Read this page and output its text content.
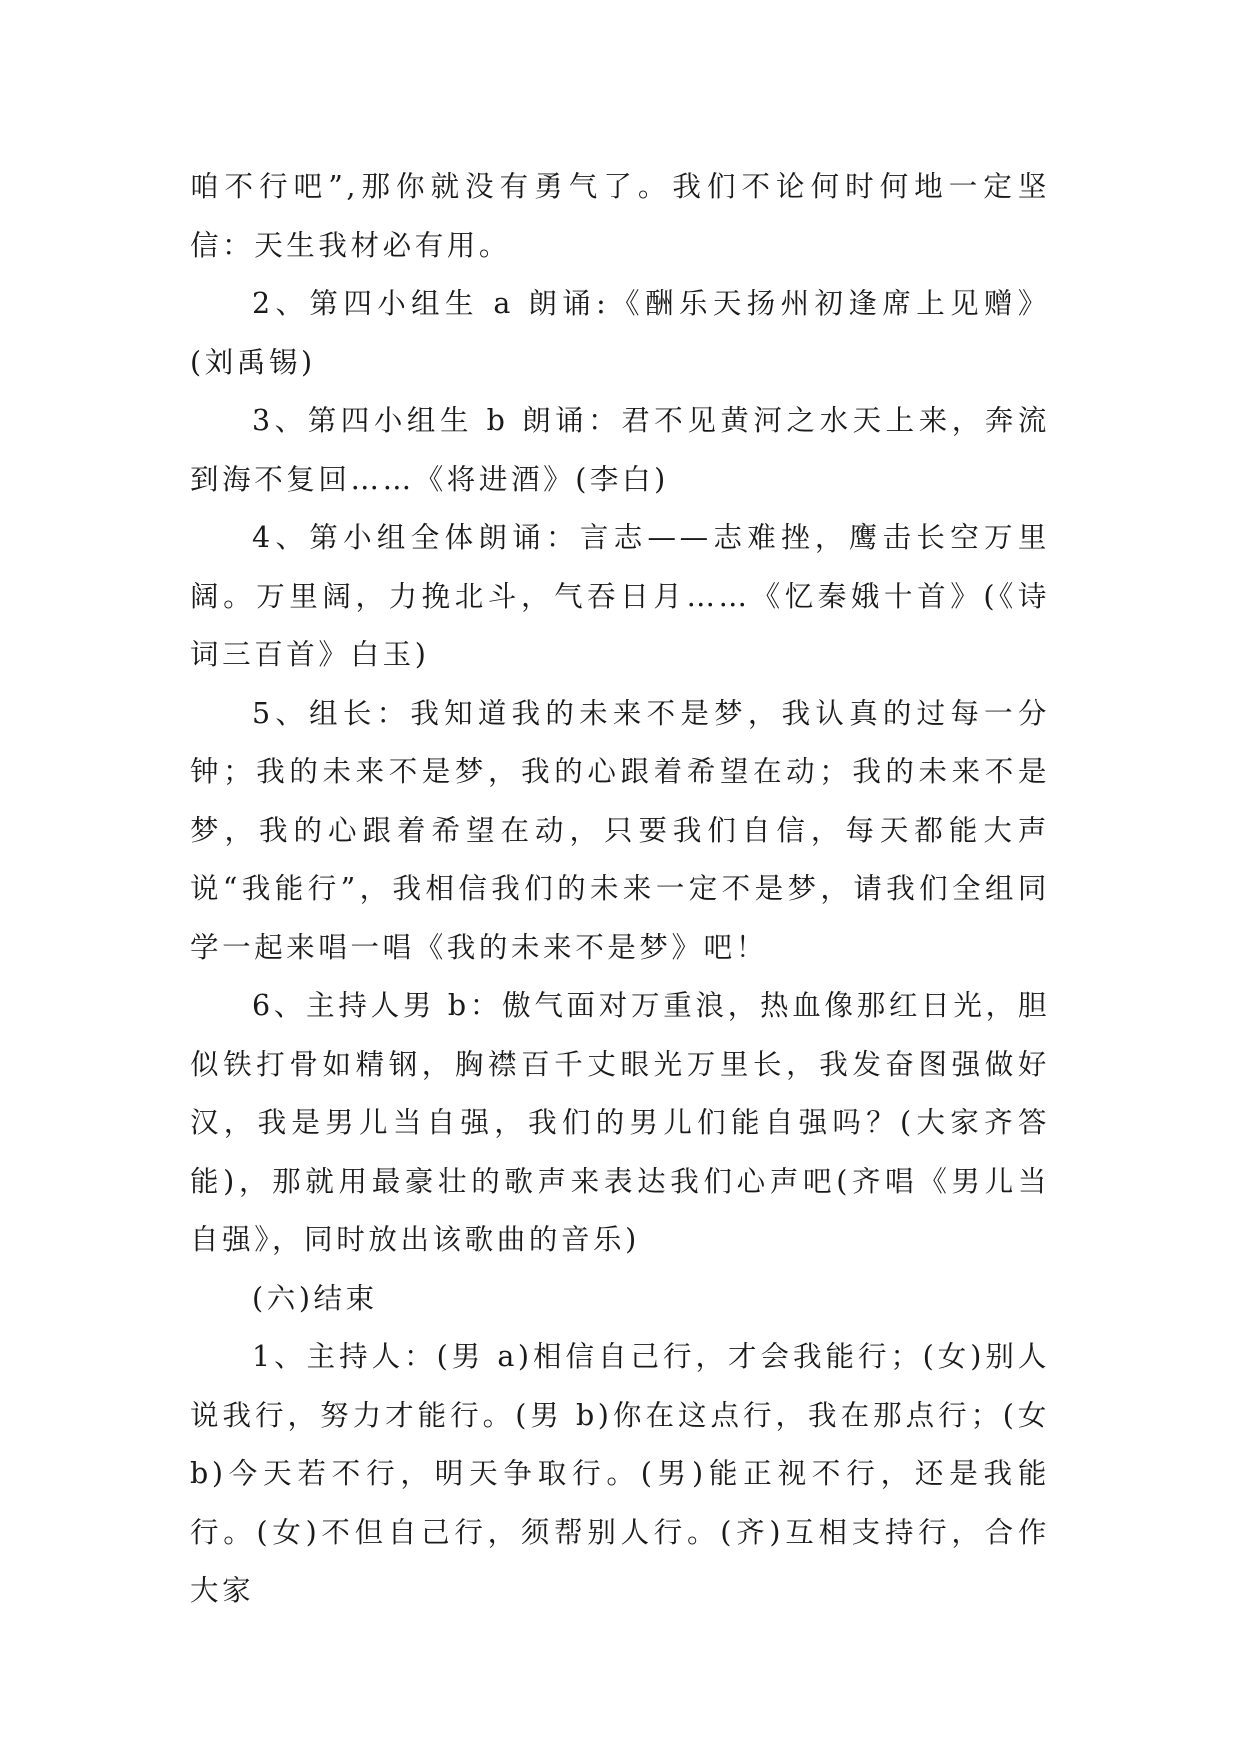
咱不行吧”,那你就没有勇气了。我们不论何时何地一定坚信：天生我材必有用。

2、第四小组生 a 朗诵:《酬乐天扬州初逢席上见赠》(刘禹锡)

3、第四小组生 b 朗诵：君不见黄河之水天上来，奔流到海不复回……《将进酒》(李白)

4、第小组全体朗诵：言志——志难挫，鹰击长空万里阔。万里阔，力挽北斗，气吞日月……《忆秦娥十首》(《诗词三百首》白玉)

5、组长：我知道我的未来不是梦，我认真的过每一分钟；我的未来不是梦，我的心跟着希望在动；我的未来不是梦，我的心跟着希望在动，只要我们自信，每天都能大声说“我能行”，我相信我们的未来一定不是梦，请我们全组同学一起来唱一唱《我的未来不是梦》吧！

6、主持人男 b：傲气面对万重浪，热血像那红日光，胆似铁打骨如精钢，胸襟百千丈眼光万里长，我发奋图强做好汉，我是男儿当自强，我们的男儿们能自强吗？(大家齐答能)，那就用最豪壮的歌声来表达我们心声吧(齐唱《男儿当自强》，同时放出该歌曲的音乐)

(六)结束

1、主持人：(男 a)相信自己行，才会我能行；(女)别人说我行，努力才能行。(男 b)你在这点行，我在那点行；(女 b)今天若不行，明天争取行。(男)能正视不行，还是我能行。(女)不但自己行，须帮别人行。(齐)互相支持行，合作大家
